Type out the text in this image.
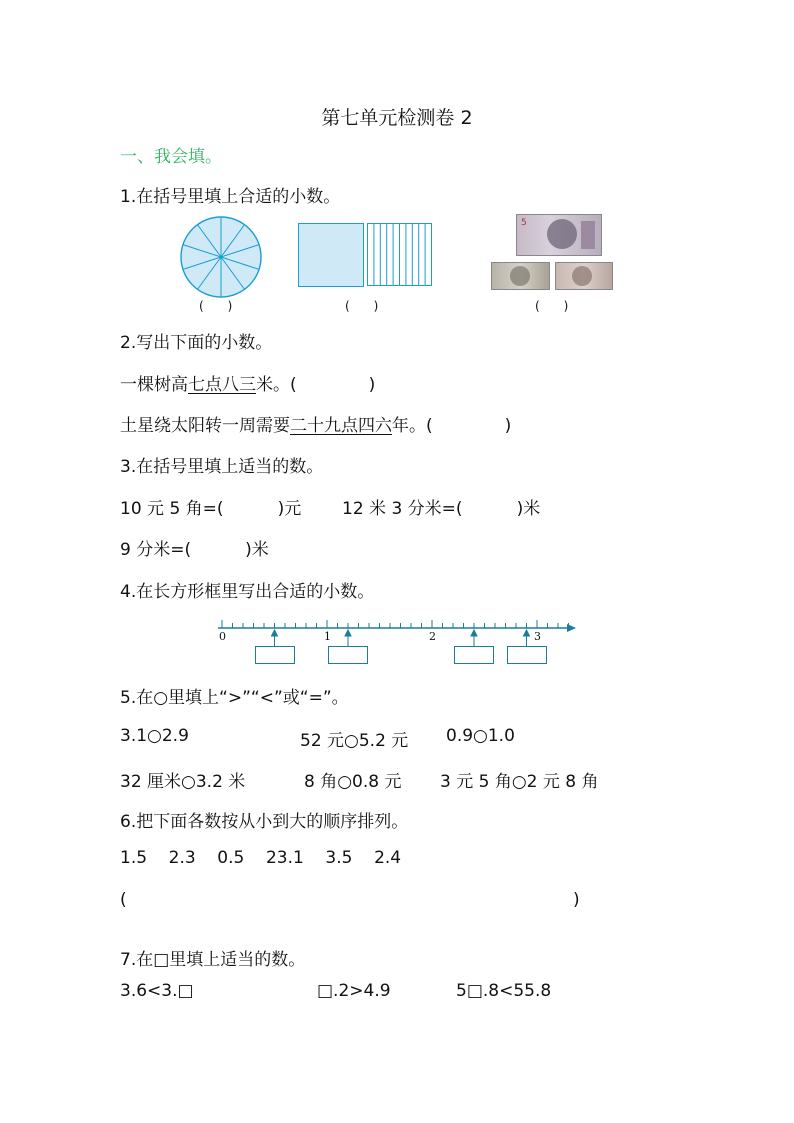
第七单元检测卷 2
一、我会填。
1.在括号里填上合适的小数。
5
(　　)	(　　)	(　　)
2.写出下面的小数。
一棵树高七点八三米。(	)
土星绕太阳转一周需要二十九点四六年。(	)
3.在括号里填上适当的数。
10 元 5 角=(          )元 12 米 3 分米=(          )米
9 分米=(          )米
4.在长方形框里写出合适的小数。
0	1	2	3
5.在○里填上“>”“<”或“=”。
3.1○2.9	52 元○5.2 元 0.9○1.0
32 厘米○3.2 米	8 角○0.8 元 3 元 5 角○2 元 8 角
6.把下面各数按从小到大的顺序排列。
1.5    2.3    0.5    23.1    3.5    2.4
(	)
7.在□里填上适当的数。
3.6<3.□	□.2>4.9	5□.8<55.8
